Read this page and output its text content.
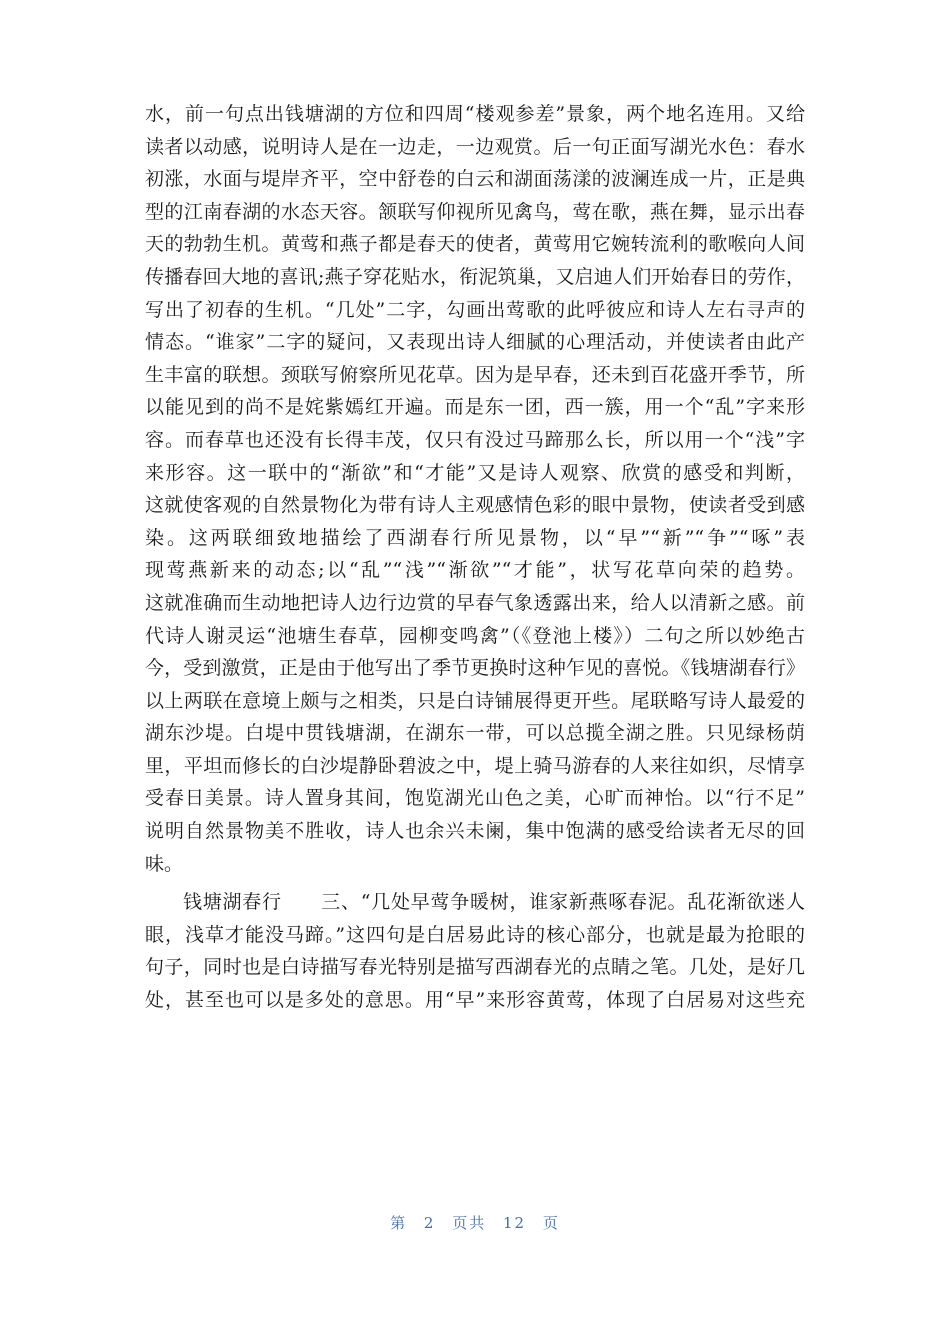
水，前一句点出钱塘湖的方位和四周“楼观参差”景象，两个地名连用。又给
读者以动感，说明诗人是在一边走，一边观赏。后一句正面写湖光水色：春水
初涨，水面与堤岸齐平，空中舒卷的白云和湖面荡漾的波澜连成一片，正是典
型的江南春湖的水态天容。颔联写仰视所见禽鸟，莺在歌，燕在舞，显示出春
天的勃勃生机。黄莺和燕子都是春天的使者，黄莺用它婉转流利的歌喉向人间
传播春回大地的喜讯;燕子穿花贴水，衔泥筑巢，又启迪人们开始春日的劳作，
写出了初春的生机。“几处”二字，勾画出莺歌的此呼彼应和诗人左右寻声的
情态。“谁家”二字的疑问，又表现出诗人细腻的心理活动，并使读者由此产
生丰富的联想。颈联写俯察所见花草。因为是早春，还未到百花盛开季节，所
以能见到的尚不是姹紫嫣红开遍。而是东一团，西一簇，用一个“乱”字来形
容。而春草也还没有长得丰茂，仅只有没过马蹄那么长，所以用一个“浅”字
来形容。这一联中的“渐欲”和“才能”又是诗人观察、欣赏的感受和判断，
这就使客观的自然景物化为带有诗人主观感情色彩的眼中景物，使读者受到感
染。这两联细致地描绘了西湖春行所见景物，以“早”“新”“争”“啄”表
现莺燕新来的动态;以“乱”“浅”“渐欲”“才能”，状写花草向荣的趋势。
这就准确而生动地把诗人边行边赏的早春气象透露出来，给人以清新之感。前
代诗人谢灵运“池塘生春草，园柳变鸣禽”（《登池上楼》）二句之所以妙绝古
今，受到激赏，正是由于他写出了季节更换时这种乍见的喜悦。《钱塘湖春行》
以上两联在意境上颇与之相类，只是白诗铺展得更开些。尾联略写诗人最爱的
湖东沙堤。白堤中贯钱塘湖，在湖东一带，可以总揽全湖之胜。只见绿杨荫
里，平坦而修长的白沙堤静卧碧波之中，堤上骑马游春的人来往如织，尽情享
受春日美景。诗人置身其间，饱览湖光山色之美，心旷而神怡。以“行不足”
说明自然景物美不胜收，诗人也余兴未阑，集中饱满的感受给读者无尽的回
味。
钱塘湖春行　　三、“几处早莺争暖树，谁家新燕啄春泥。乱花渐欲迷人
眼，浅草才能没马蹄。”这四句是白居易此诗的核心部分，也就是最为抢眼的
句子，同时也是白诗描写春光特别是描写西湖春光的点睛之笔。几处，是好几
处，甚至也可以是多处的意思。用“早”来形容黄莺，体现了白居易对这些充
第 2 页共 12 页
